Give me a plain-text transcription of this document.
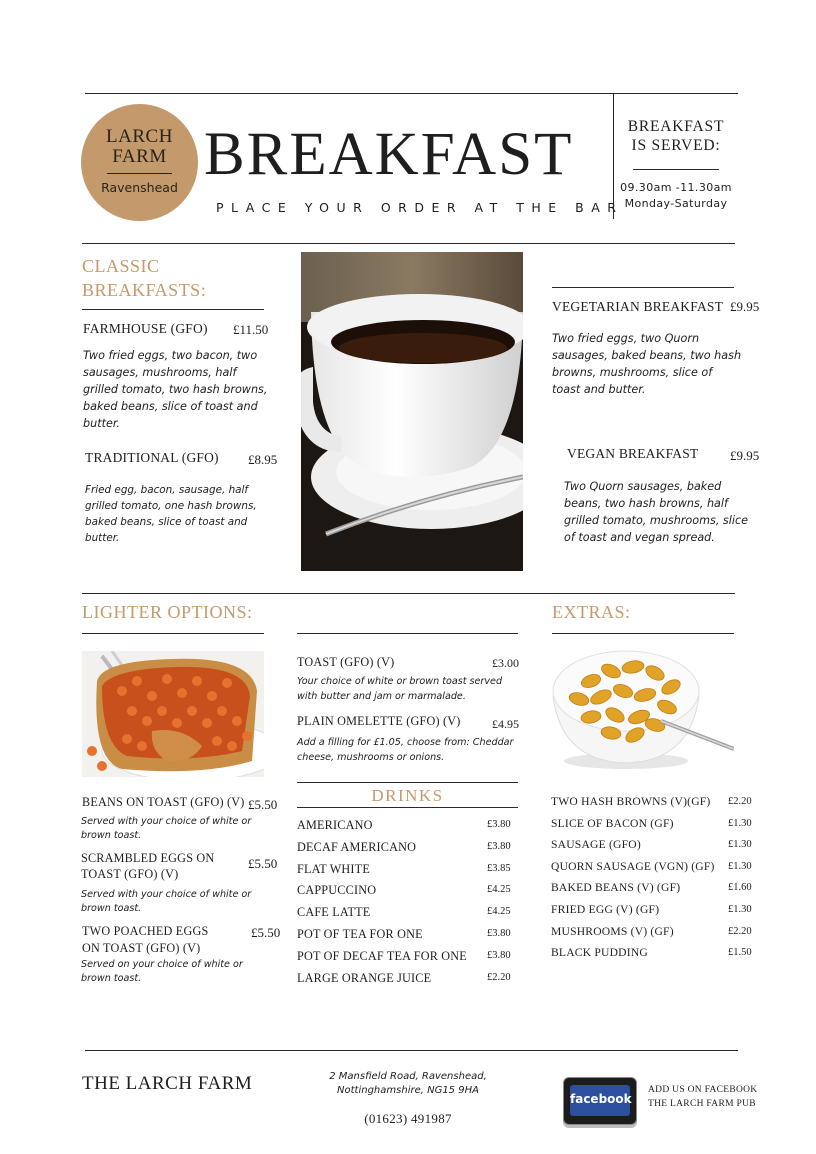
LARCH
FARM
Ravenshead BREAKFAST
PLACE YOUR ORDER AT THE BAR
BREAKFAST
IS SERVED:
09.30am -11.30am
Monday-Saturday
CLASSIC
BREAKFASTS:
FARMHOUSE (GFO) £11.50
Two fried eggs, two bacon, two sausages, mushrooms, half grilled tomato, two hash browns, baked beans, slice of toast and butter.
TRADITIONAL (GFO) £8.95
Fried egg, bacon, sausage, half grilled tomato, one hash browns, baked beans, slice of toast and butter.
VEGETARIAN BREAKFAST £9.95
Two fried eggs, two Quorn sausages, baked beans, two hash browns, mushrooms, slice of toast and butter.
VEGAN BREAKFAST £9.95
Two Quorn sausages, baked beans, two hash browns, half grilled tomato, mushrooms, slice of toast and vegan spread.
LIGHTER OPTIONS:
BEANS ON TOAST (GFO) (V) £5.50
Served with your choice of white or brown toast.
SCRAMBLED EGGS ON
TOAST (GFO) (V)
£5.50
Served with your choice of white or brown toast.
TWO POACHED EGGS
ON TOAST (GFO) (V)
£5.50
Served on your choice of white or brown toast.
TOAST (GFO) (V)	£3.00
Your choice of white or brown toast served with butter and jam or marmalade.
PLAIN OMELETTE (GFO) (V)	£4.95
Add a filling for £1.05, choose from: Cheddar cheese, mushrooms or onions.
DRINKS
AMERICANO	£3.80
DECAF AMERICANO	£3.80
FLAT WHITE	£3.85
CAPPUCCINO	£4.25
CAFE LATTE	£4.25
POT OF TEA FOR ONE	£3.80
POT OF DECAF TEA FOR ONE £3.80
LARGE ORANGE JUICE	£2.20
EXTRAS:
TWO HASH BROWNS (V)(GF) £2.20
SLICE OF BACON (GF)	£1.30
SAUSAGE (GFO)	£1.30
QUORN SAUSAGE (VGN) (GF) £1.30
BAKED BEANS (V) (GF)	£1.60
FRIED EGG (V) (GF)	£1.30
MUSHROOMS (V) (GF)	£2.20
BLACK PUDDING	£1.50
THE LARCH FARM	2 Mansfield Road, Ravenshead,
Nottinghamshire, NG15 9HA
(01623) 491987
facebook
ADD US ON FACEBOOK
THE LARCH FARM PUB
